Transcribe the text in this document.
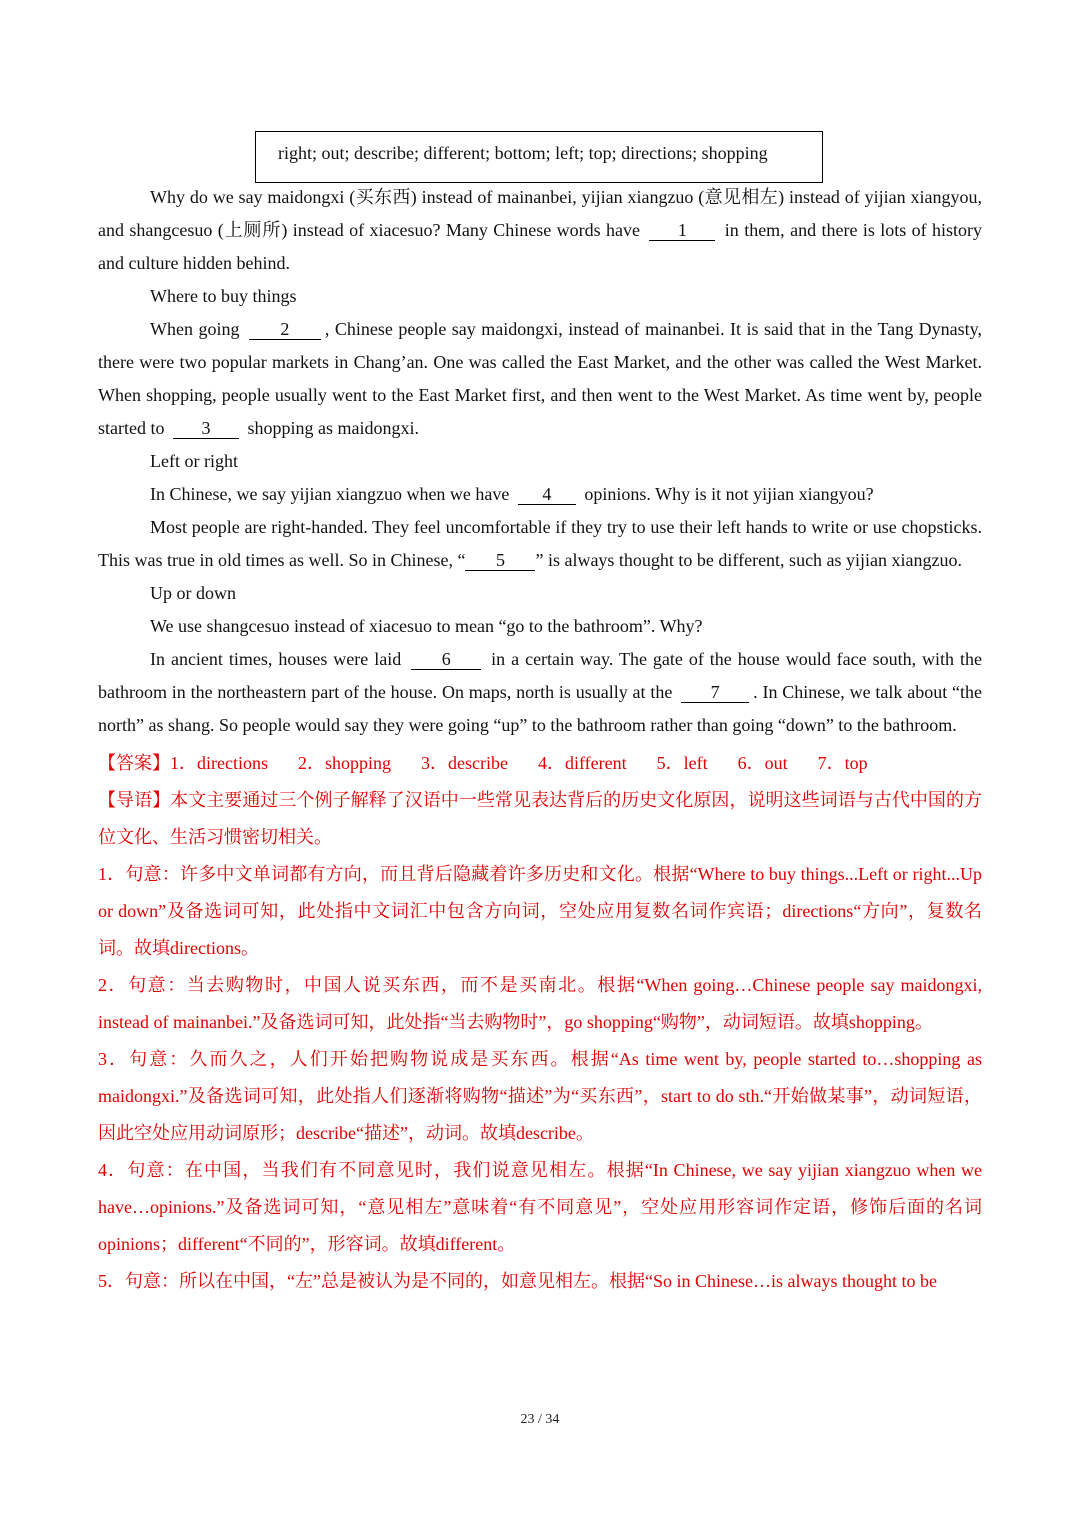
right; out; describe; different; bottom; left; top; directions; shopping

Why do we say maidongxi (买东西) instead of mainanbei, yijian xiangzuo (意见相左) instead of yijian xiangyou, and shangcesuo (上厕所) instead of xiacesuo? Many Chinese words have 1 in them, and there is lots of history and culture hidden behind.

Where to buy things

When going 2 , Chinese people say maidongxi, instead of mainanbei. It is said that in the Tang Dynasty, there were two popular markets in Chang’an. One was called the East Market, and the other was called the West Market. When shopping, people usually went to the East Market first, and then went to the West Market. As time went by, people started to 3 shopping as maidongxi.

Left or right

In Chinese, we say yijian xiangzuo when we have 4 opinions. Why is it not yijian xiangyou?

Most people are right-handed. They feel uncomfortable if they try to use their left hands to write or use chopsticks. This was true in old times as well. So in Chinese, “ 5 ” is always thought to be different, such as yijian xiangzuo.

Up or down

We use shangcesuo instead of xiacesuo to mean “go to the bathroom”. Why?

In ancient times, houses were laid 6 in a certain way. The gate of the house would face south, with the bathroom in the northeastern part of the house. On maps, north is usually at the 7 . In Chinese, we talk about “the north” as shang. So people would say they were going “up” to the bathroom rather than going “down” to the bathroom.

【答案】1．directions 2．shopping 3．describe 4．different 5．left 6．out 7．top

【导语】本文主要通过三个例子解释了汉语中一些常见表达背后的历史文化原因，说明这些词语与古代中国的方位文化、生活习惯密切相关。

1．句意：许多中文单词都有方向，而且背后隐藏着许多历史和文化。根据“Where to buy things...Left or right...Up or down”及备选词可知，此处指中文词汇中包含方向词，空处应用复数名词作宾语；directions“方向”，复数名词。故填directions。

2．句意：当去购物时，中国人说买东西，而不是买南北。根据“When going…Chinese people say maidongxi, instead of mainanbei.”及备选词可知，此处指“当去购物时”，go shopping“购物”，动词短语。故填shopping。

3．句意：久而久之，人们开始把购物说成是买东西。根据“As time went by, people started to…shopping as maidongxi.”及备选词可知，此处指人们逐渐将购物“描述”为“买东西”，start to do sth.“开始做某事”，动词短语，因此空处应用动词原形；describe“描述”，动词。故填describe。

4．句意：在中国，当我们有不同意见时，我们说意见相左。根据“In Chinese, we say yijian xiangzuo when we have…opinions.”及备选词可知，“意见相左”意味着“有不同意见”，空处应用形容词作定语，修饰后面的名词opinions；different“不同的”，形容词。故填different。

5．句意：所以在中国，“左”总是被认为是不同的，如意见相左。根据“So in Chinese…is always thought to be

23 / 34
